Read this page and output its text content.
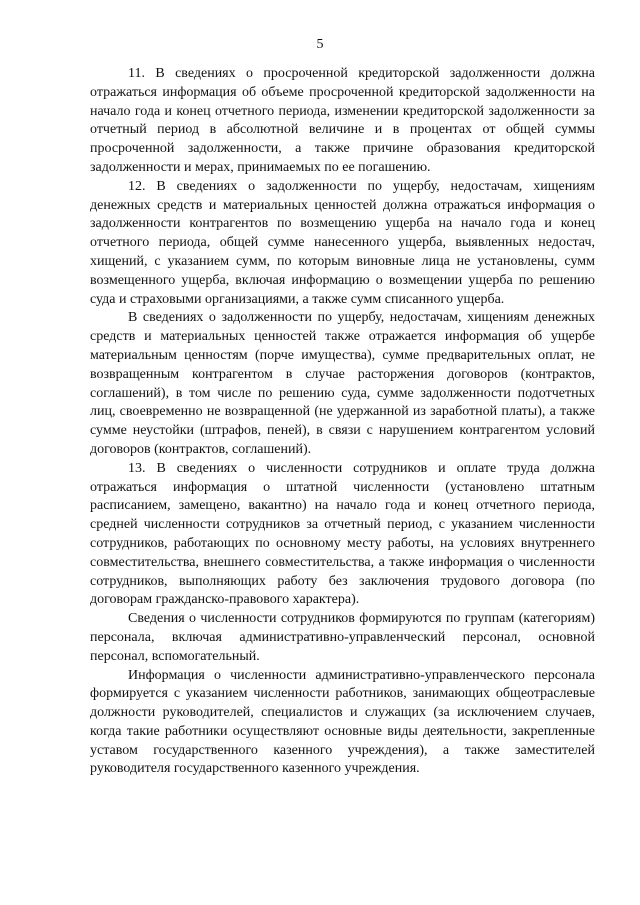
5

11. В сведениях о просроченной кредиторской задолженности должна отражаться информация об объеме просроченной кредиторской задолженности на начало года и конец отчетного периода, изменении кредиторской задолженности за отчетный период в абсолютной величине и в процентах от общей суммы просроченной задолженности, а также причине образования кредиторской задолженности и мерах, принимаемых по ее погашению.

12. В сведениях о задолженности по ущербу, недостачам, хищениям денежных средств и материальных ценностей должна отражаться информация о задолженности контрагентов по возмещению ущерба на начало года и конец отчетного периода, общей сумме нанесенного ущерба, выявленных недостач, хищений, с указанием сумм, по которым виновные лица не установлены, сумм возмещенного ущерба, включая информацию о возмещении ущерба по решению суда и страховыми организациями, а также сумм списанного ущерба.

В сведениях о задолженности по ущербу, недостачам, хищениям денежных средств и материальных ценностей также отражается информация об ущербе материальным ценностям (порче имущества), сумме предварительных оплат, не возвращенным контрагентом в случае расторжения договоров (контрактов, соглашений), в том числе по решению суда, сумме задолженности подотчетных лиц, своевременно не возвращенной (не удержанной из заработной платы), а также сумме неустойки (штрафов, пеней), в связи с нарушением контрагентом условий договоров (контрактов, соглашений).

13. В сведениях о численности сотрудников и оплате труда должна отражаться информация о штатной численности (установлено штатным расписанием, замещено, вакантно) на начало года и конец отчетного периода, средней численности сотрудников за отчетный период, с указанием численности сотрудников, работающих по основному месту работы, на условиях внутреннего совместительства, внешнего совместительства, а также информация о численности сотрудников, выполняющих работу без заключения трудового договора (по договорам гражданско-правового характера).

Сведения о численности сотрудников формируются по группам (категориям) персонала, включая административно-управленческий персонал, основной персонал, вспомогательный.

Информация о численности административно-управленческого персонала формируется с указанием численности работников, занимающих общеотраслевые должности руководителей, специалистов и служащих (за исключением случаев, когда такие работники осуществляют основные виды деятельности, закрепленные уставом государственного казенного учреждения), а также заместителей руководителя государственного казенного учреждения.
